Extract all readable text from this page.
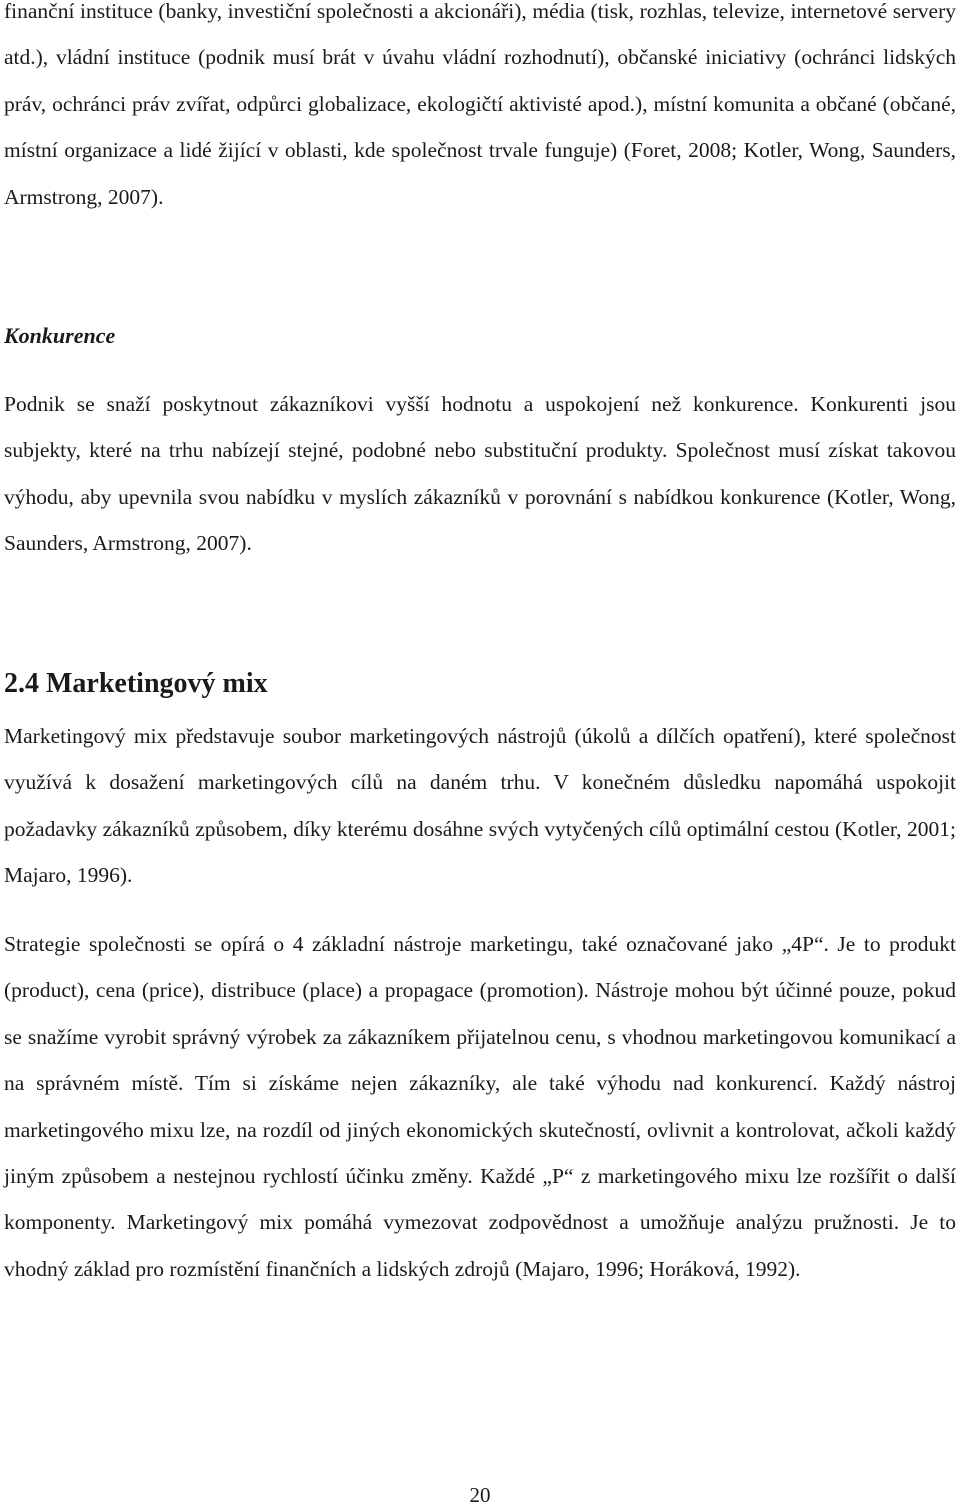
finanční instituce (banky, investiční společnosti a akcionáři), média (tisk, rozhlas, televize, internetové servery atd.), vládní instituce (podnik musí brát v úvahu vládní rozhodnutí), občanské iniciativy (ochránci lidských práv, ochránci práv zvířat, odpůrci globalizace, ekologičtí aktivisté apod.), místní komunita a občané (občané, místní organizace a lidé žijící v oblasti, kde společnost trvale funguje) (Foret, 2008; Kotler, Wong, Saunders, Armstrong, 2007).

Konkurence

Podnik se snaží poskytnout zákazníkovi vyšší hodnotu a uspokojení než konkurence. Konkurenti jsou subjekty, které na trhu nabízejí stejné, podobné nebo substituční produkty. Společnost musí získat takovou výhodu, aby upevnila svou nabídku v myslích zákazníků v porovnání s nabídkou konkurence (Kotler, Wong, Saunders, Armstrong, 2007).

2.4 Marketingový mix

Marketingový mix představuje soubor marketingových nástrojů (úkolů a dílčích opatření), které společnost využívá k dosažení marketingových cílů na daném trhu. V konečném důsledku napomáhá uspokojit požadavky zákazníků způsobem, díky kterému dosáhne svých vytyčených cílů optimální cestou (Kotler, 2001; Majaro, 1996).

Strategie společnosti se opírá o 4 základní nástroje marketingu, také označované jako „4P“. Je to produkt (product), cena (price), distribuce (place) a propagace (promotion). Nástroje mohou být účinné pouze, pokud se snažíme vyrobit správný výrobek za zákazníkem přijatelnou cenu, s vhodnou marketingovou komunikací a na správném místě. Tím si získáme nejen zákazníky, ale také výhodu nad konkurencí. Každý nástroj marketingového mixu lze, na rozdíl od jiných ekonomických skutečností, ovlivnit a kontrolovat, ačkoli každý jiným způsobem a nestejnou rychlostí účinku změny. Každé „P“ z marketingového mixu lze rozšířit o další komponenty. Marketingový mix pomáhá vymezovat zodpovědnost a umožňuje analýzu pružnosti. Je to vhodný základ pro rozmístění finančních a lidských zdrojů (Majaro, 1996; Horáková, 1992).

20
